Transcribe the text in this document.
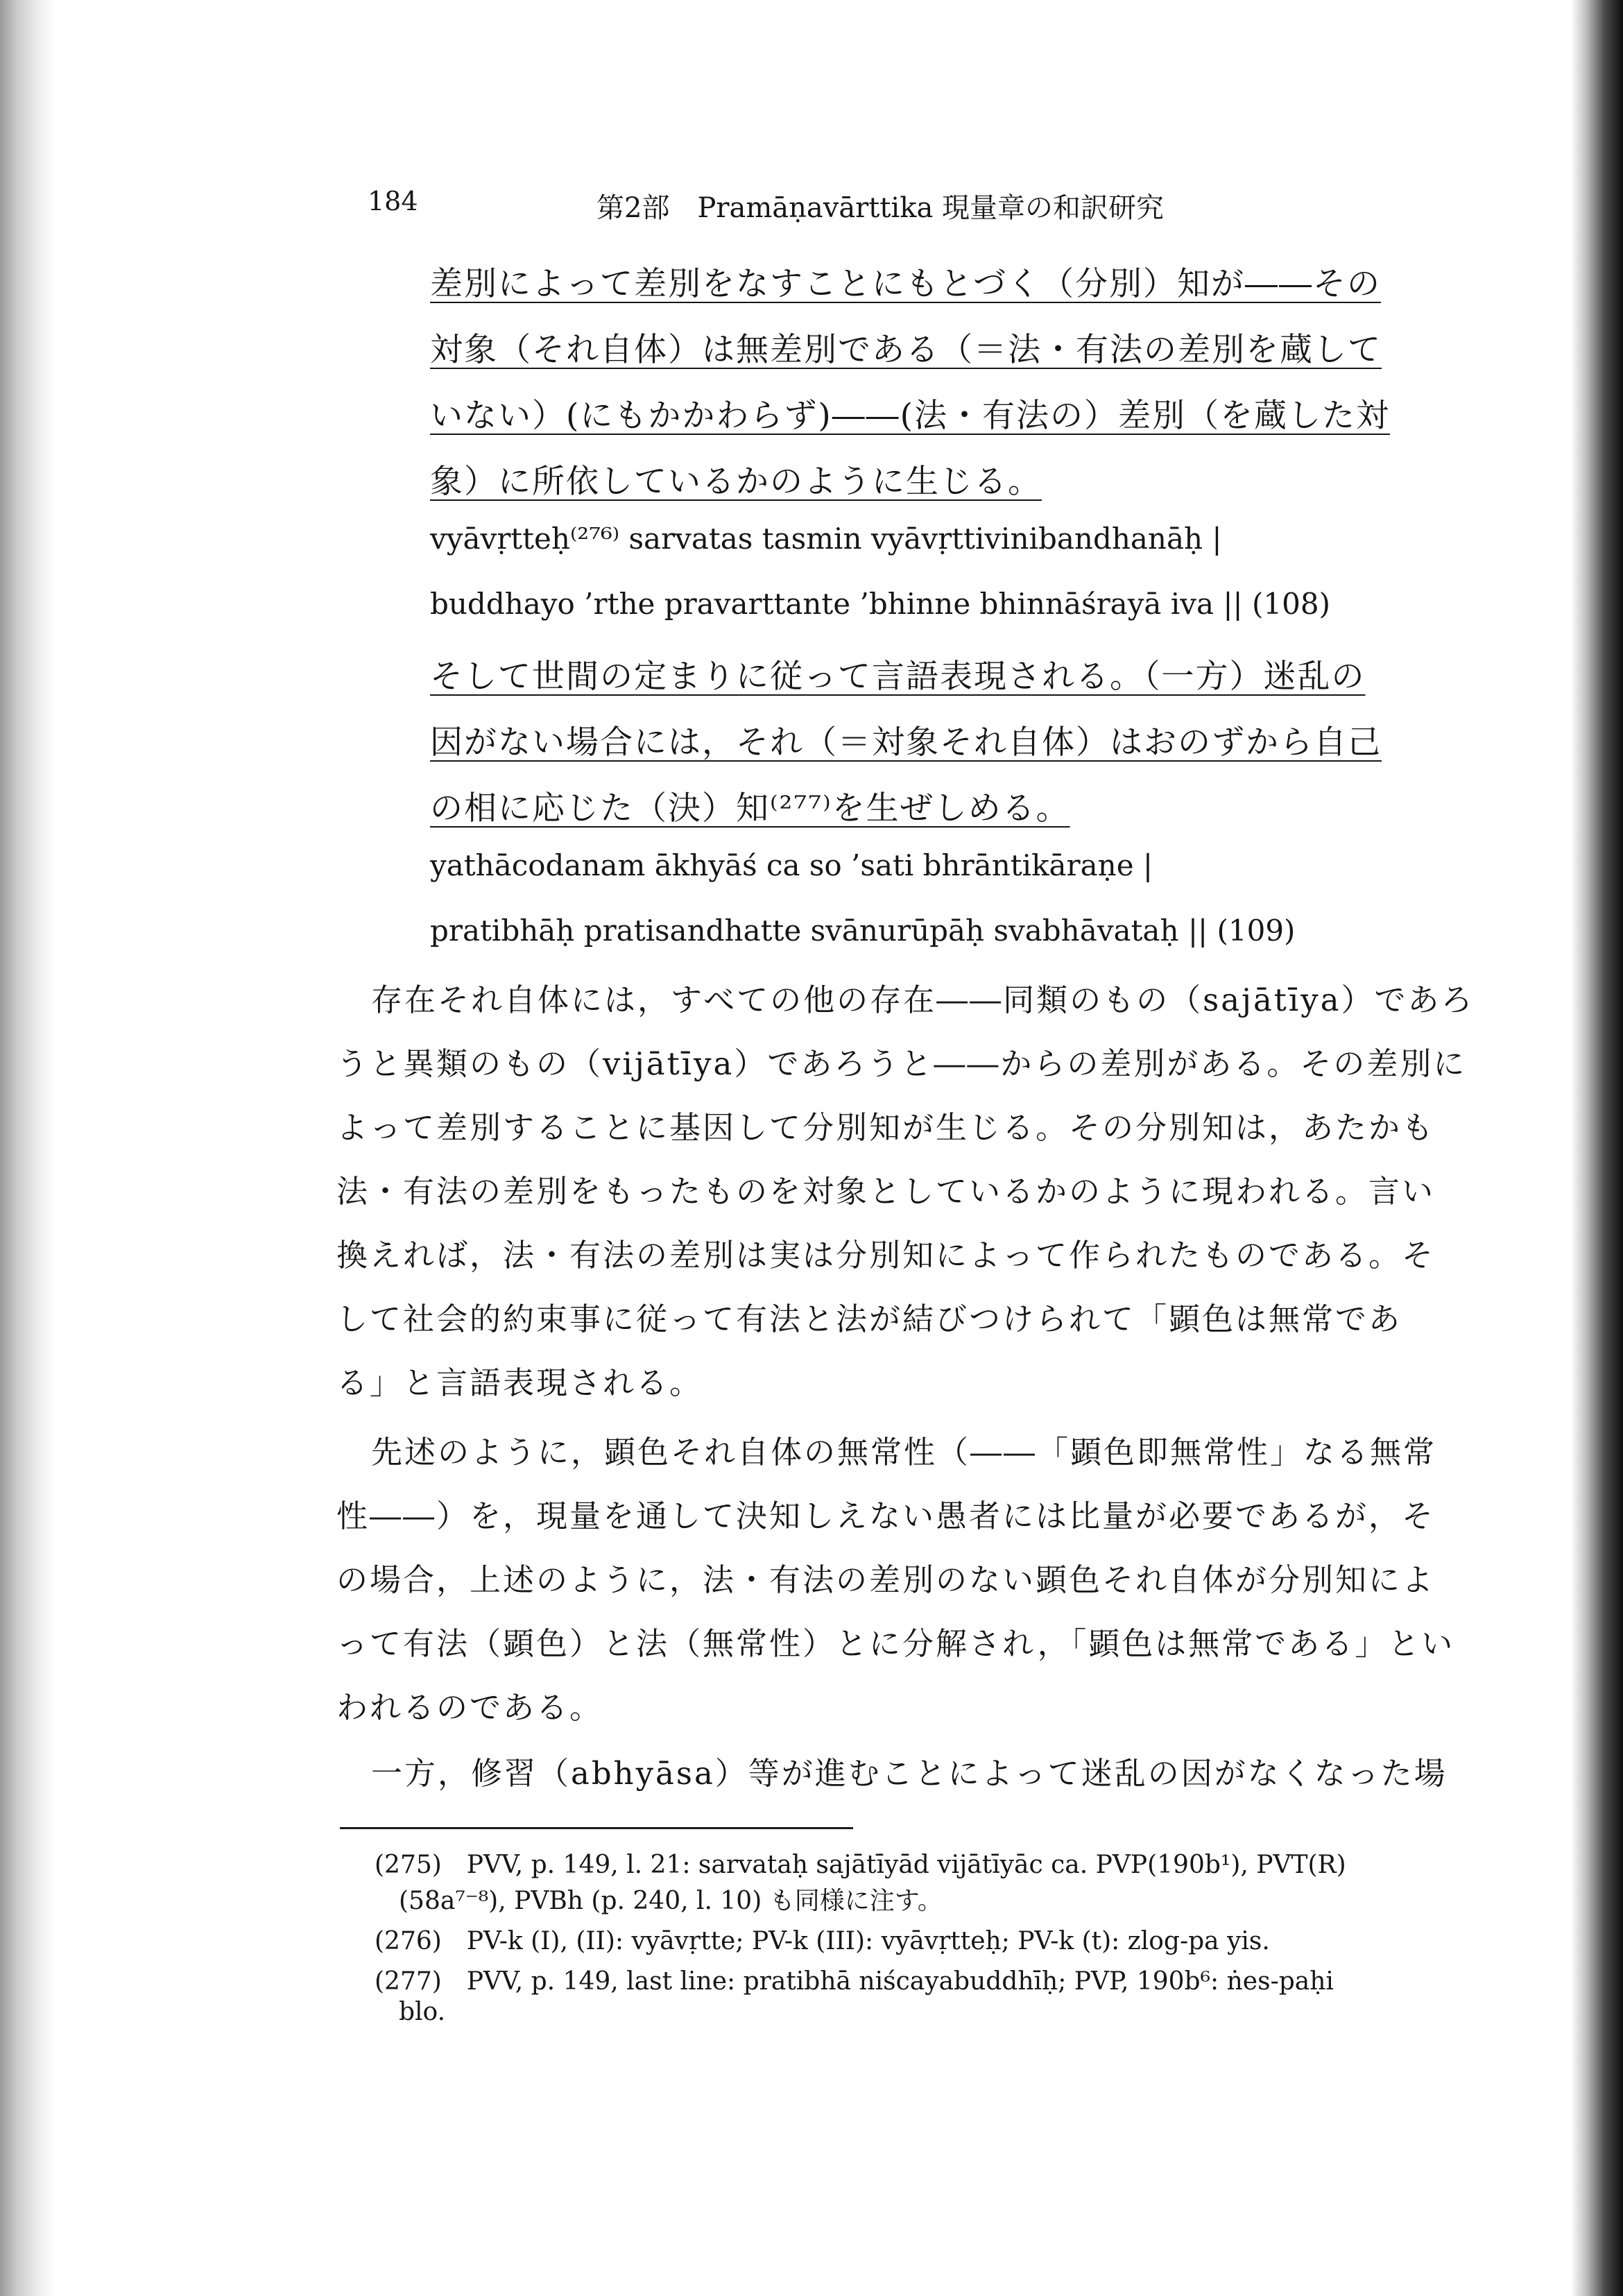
184	第2部　Pramāṇavārttika 現量章の和訳研究
差別によって差別をなすことにもとづく（分別）知が――その
対象（それ自体）は無差別である（＝法・有法の差別を蔵して
いない）(にもかかわらず)――(法・有法の）差別（を蔵した対
象）に所依しているかのように生じる。
vyāvṛtteḥ⁽²⁷⁶⁾ sarvatas tasmin vyāvṛttivinibandhanāḥ |
buddhayo ’rthe pravarttante ’bhinne bhinnāśrayā iva || (108)
そして世間の定まりに従って言語表現される。（一方）迷乱の
因がない場合には，それ（＝対象それ自体）はおのずから自己
の相に応じた（決）知⁽²⁷⁷⁾を生ぜしめる。
yathācodanam ākhyāś ca so ’sati bhrāntikāraṇe |
pratibhāḥ pratisandhatte svānurūpāḥ svabhāvataḥ || (109)
存在それ自体には，すべての他の存在――同類のもの（sajātīya）であろ
うと異類のもの（vijātīya）であろうと――からの差別がある。その差別に
よって差別することに基因して分別知が生じる。その分別知は，あたかも
法・有法の差別をもったものを対象としているかのように現われる。言い
換えれば，法・有法の差別は実は分別知によって作られたものである。そ
して社会的約束事に従って有法と法が結びつけられて「顕色は無常であ
る」と言語表現される。
先述のように，顕色それ自体の無常性（――「顕色即無常性」なる無常
性――）を，現量を通して決知しえない愚者には比量が必要であるが，そ
の場合，上述のように，法・有法の差別のない顕色それ自体が分別知によ
って有法（顕色）と法（無常性）とに分解され，「顕色は無常である」とい
われるのである。
一方，修習（abhyāsa）等が進むことによって迷乱の因がなくなった場
(275)　PVV, p. 149, l. 21: sarvataḥ sajātīyād vijātīyāc ca. PVP(190b¹), PVT(R)
(58a⁷⁻⁸), PVBh (p. 240, l. 10) も同様に注す。
(276)　PV-k (I), (II): vyāvṛtte; PV-k (III): vyāvṛtteḥ; PV-k (t): zlog-pa yis.
(277)　PVV, p. 149, last line: pratibhā niścayabuddhīḥ; PVP, 190b⁶: ṅes-paḥi
blo.
